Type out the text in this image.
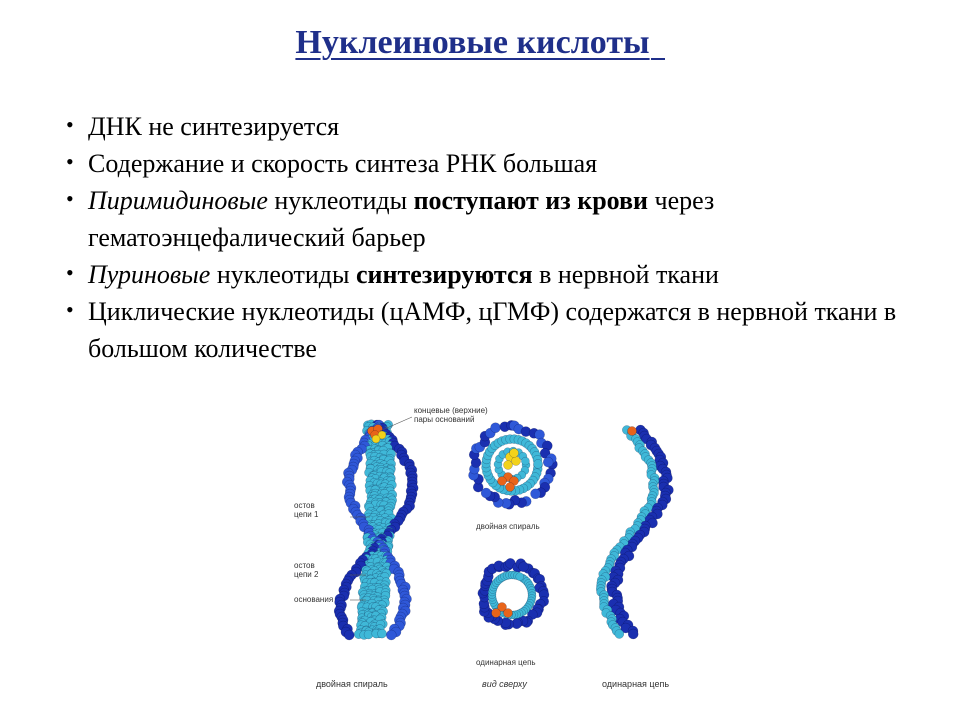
Нуклеиновые кислоты
• ДНК не синтезируется
• Содержание и скорость синтеза РНК большая
• Пиримидиновые нуклеотиды поступают из крови через гематоэнцефалический барьер
• Пуриновые нуклеотиды синтезируются в нервной ткани
• Циклические нуклеотиды (цАМФ, цГМФ) содержатся в нервной ткани в большом количестве
концевые (верхние)
пары оснований
остов
цепи 1
остов
цепи 2
основания
двойная спираль
одинарная цепь
двойная спираль	вид сверху	одинарная цепь
